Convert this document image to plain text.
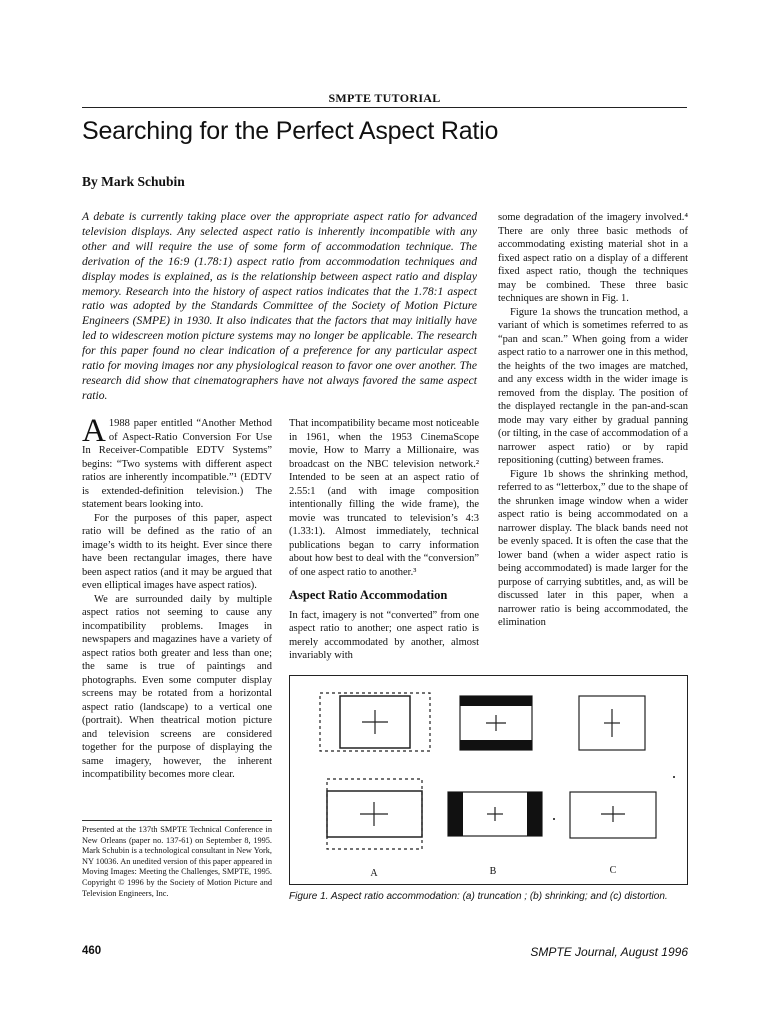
SMPTE TUTORIAL
Searching for the Perfect Aspect Ratio
By Mark Schubin
A debate is currently taking place over the appropriate aspect ratio for advanced television displays. Any selected aspect ratio is inherently incompatible with any other and will require the use of some form of accommodation technique. The derivation of the 16:9 (1.78:1) aspect ratio from accommodation techniques and display modes is explained, as is the relationship between aspect ratio and display memory. Research into the history of aspect ratios indicates that the 1.78:1 aspect ratio was adopted by the Standards Committee of the Society of Motion Picture Engineers (SMPE) in 1930. It also indicates that the factors that may initially have led to widescreen motion picture systems may no longer be applicable. The research for this paper found no clear indication of a preference for any particular aspect ratio for moving images nor any physiological reason to favor one over another. The research did show that cinematographers have not always favored the same aspect ratio.

A 1988 paper entitled “Another Method of Aspect-Ratio Conversion For Use In Receiver-Compatible EDTV Systems” begins: “Two systems with different aspect ratios are inherently incompatible.”¹ (EDTV is extended-definition television.) The statement bears looking into.

For the purposes of this paper, aspect ratio will be defined as the ratio of an image’s width to its height. Ever since there have been rectangular images, there have been aspect ratios (and it may be argued that even elliptical images have aspect ratios).

We are surrounded daily by multiple aspect ratios not seeming to cause any incompatibility problems. Images in newspapers and magazines have a variety of aspect ratios both greater and less than one; the same is true of paintings and photographs. Even some computer display screens may be rotated from a horizontal aspect ratio (landscape) to a vertical one (portrait). When theatrical motion picture and television screens are considered together for the purpose of displaying the same imagery, however, the inherent incompatibility becomes more clear.

Presented at the 137th SMPTE Technical Conference in New Orleans (paper no. 137-61) on September 8, 1995. Mark Schubin is a technological consultant in New York, NY 10036. An unedited version of this paper appeared in Moving Images: Meeting the Challenges, SMPTE, 1995. Copyright © 1996 by the Society of Motion Picture and Television Engineers, Inc.

That incompatibility became most noticeable in 1961, when the 1953 CinemaScope movie, How to Marry a Millionaire, was broadcast on the NBC television network.² Intended to be seen at an aspect ratio of 2.55:1 (and with image composition intentionally filling the wide frame), the movie was truncated to television’s 4:3 (1.33:1). Almost immediately, technical publications began to carry information about how best to deal with the “conversion” of one aspect ratio to another.³

Aspect Ratio Accommodation

In fact, imagery is not “converted” from one aspect ratio to another; one aspect ratio is merely accommodated by another, almost invariably with

some degradation of the imagery involved.⁴ There are only three basic methods of accommodating existing material shot in a fixed aspect ratio on a display of a different fixed aspect ratio, though the techniques may be combined. These three basic techniques are shown in Fig. 1.

Figure 1a shows the truncation method, a variant of which is sometimes referred to as “pan and scan.” When going from a wider aspect ratio to a narrower one in this method, the heights of the two images are matched, and any excess width in the wider image is removed from the display. The position of the displayed rectangle in the pan-and-scan mode may vary either by gradual panning (or tilting, in the case of accommodation of a narrower aspect ratio) or by rapid repositioning (cutting) between frames.

Figure 1b shows the shrinking method, referred to as “letterbox,” due to the shape of the shrunken image window when a wider aspect ratio is being accommodated on a narrower display. The black bands need not be evenly spaced. It is often the case that the lower band (when a wider aspect ratio is being accommodated) is made larger for the purpose of carrying subtitles, and, as will be discussed later in this paper, when a narrower ratio is being accommodated, the elimination

A	B	C
Figure 1. Aspect ratio accommodation: (a) truncation ; (b) shrinking; and (c) distortion.
460	SMPTE Journal, August 1996
